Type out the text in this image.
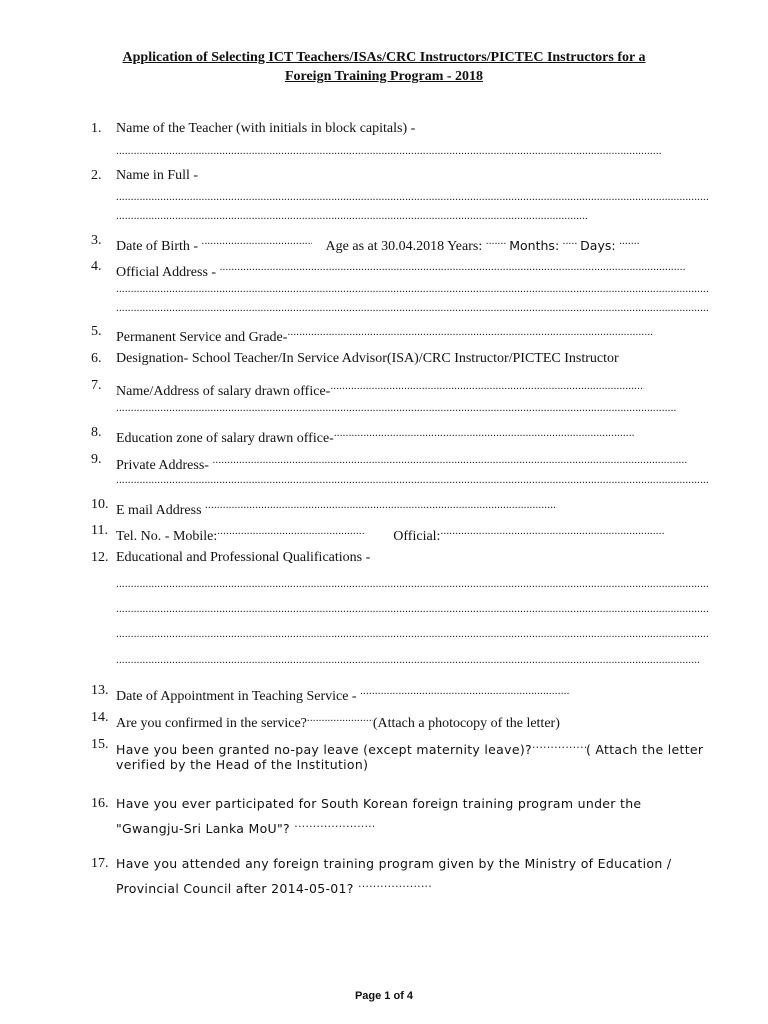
Application of Selecting ICT Teachers/ISAs/CRC Instructors/PICTEC Instructors for a
Foreign Training Program - 2018
1.	Name of the Teacher (with initials in block capitals) -
.....
2.	Name in Full -
.....
.....
3.	Date of Birth - .....	Age as at 30.04.2018 Years: ..... Months: ..... Days: .....
4.	Official Address - .....
.....
.....
5.	Permanent Service and Grade-.....
6.	Designation- School Teacher/In Service Advisor(ISA)/CRC Instructor/PICTEC Instructor
7.	Name/Address of salary drawn office-.....
.....
8.	Education zone of salary drawn office-.....
9.	Private Address- .....
.....
10. E mail Address .....
11. Tel. No. - Mobile: .....	Official:.....
12. Educational and Professional Qualifications -
.....
.....
.....
.....
13. Date of Appointment in Teaching Service - .....
14. Are you confirmed in the service? .....	(Attach a photocopy of the letter)
15. Have you been granted no-pay leave (except maternity leave)? .....	( Attach the letter
verified by the Head of the Institution)
16. Have you ever participated for South Korean foreign training program under the
"Gwangju-Sri Lanka MoU"? .....
17. Have you attended any foreign training program given by the Ministry of Education /
Provincial Council after 2014-05-01? .....
Page 1 of 4
